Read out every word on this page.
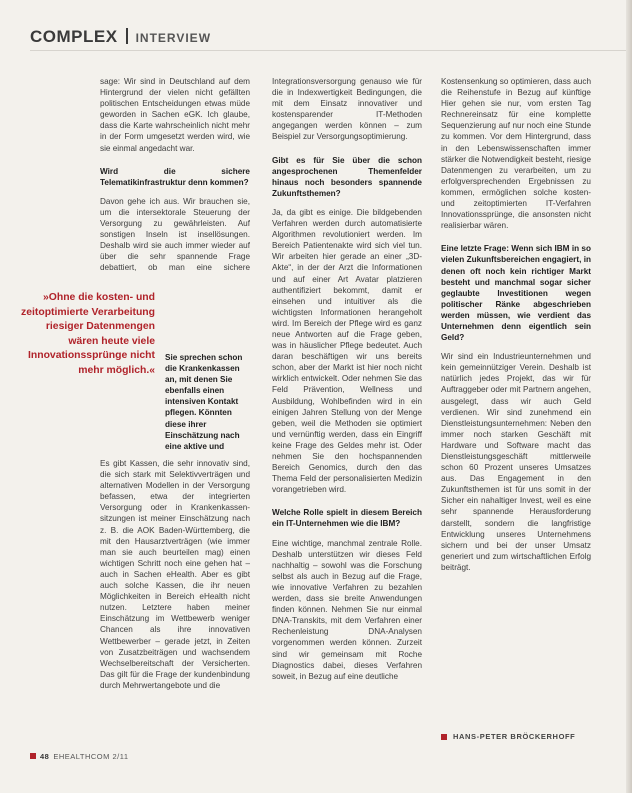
COMPLEX INTERVIEW

sage: Wir sind in Deutschland auf dem Hintergrund der vielen nicht gefällten politischen Entscheidungen etwas müde geworden in Sachen eGK. Ich glaube, dass die Karte wahrscheinlich nicht mehr in der Form umgesetzt werden wird, wie sie einmal angedacht war.

Wird die sichere Telematikinfrastruktur denn kommen?

Davon gehe ich aus. Wir brauchen sie, um die intersektorale Steuerung der Versorgung zu gewährleisten. Auf sonstigen Inseln ist insellösungen. Deshalb wird sie auch immer wieder auf über die sehr spannende Frage debattiert, ob man eine sichere

»Ohne die kosten- und zeitoptimierte Verarbeitung riesiger Datenmengen wären heute viele Innovationssprünge nicht mehr möglich.«
Sie sprechen schon die Krankenkassen an, mit denen Sie ebenfalls einen intensiven Kontakt pflegen. Könnten diese ihrer Einschätzung nach eine aktive und

Es gibt Kassen, die sehr innovativ sind, die sich stark mit Selektivverträgen und alternativen Modellen in der Versorgung befassen, etwa der integrierten Versorgung oder in Krankenkassensitzungen ist meiner Einschätzung nach z. B. die AOK Baden-Württemberg, die mit den Hausarztverträgen (wie immer man sie auch beurteilen mag) einen wichtigen Schritt noch eine gehen hat – auch in Sachen eHealth. Aber es gibt auch solche Kassen, die ihr neuen Möglichkeiten in Bereich eHealth nicht nutzen. Letztere haben meiner Einschätzung im Wettbewerb weniger Chancen als ihre innovativen Wettbewerber – gerade jetzt, in Zeiten von Zusatzbeiträgen und wachsendem Wechselbereitschaft der Versicherten. Das gilt für die Frage der kundenbindung durch Mehrwertangebote und die

Integrationsversorgung genauso wie für die in Indexwertigkeit Bedingungen, die mit dem Einsatz innovativer und kostensparender IT-Methoden angegangen werden können – zum Beispiel zur Versorgungsoptimierung.

Gibt es für Sie über die schon angesprochenen Themenfelder hinaus noch besonders spannende Zukunftsthemen?

Ja, da gibt es einige. Die bildgebenden Verfahren werden durch automatisierte Algorithmen revolutioniert werden. Im Bereich Patientenakte wird sich viel tun. Wir arbeiten hier gerade an einer „3D-Akte“, in der der Arzt die Informationen und auf einer Art Avatar platzieren authentifiziert bekommt, damit er einsehen und intuitiver als die wichtigsten Informationen herangeholt wird. Im Bereich der Pflege wird es ganz neue Antworten auf die Frage geben, was in häuslicher Pflege bedeutet. Auch daran beschäftigen wir uns bereits schon, aber der Markt ist hier noch nicht wirklich entwickelt. Oder nehmen Sie das Feld Prävention, Wellness und Ausbildung, Wohlbefinden wird in ein einigen Jahren Stellung von der Menge geben, weil die Methoden sie optimiert und vernünftig werden, dass ein Eingriff keine Frage des Geldes mehr ist. Oder nehmen Sie den hochspannenden Bereich Genomics, durch den das Thema Feld der personalisierten Medizin vorangetrieben wird.

Welche Rolle spielt in diesem Bereich ein IT-Unternehmen wie die IBM?

Eine wichtige, manchmal zentrale Rolle. Deshalb unterstützen wir dieses Feld nachhaltig – sowohl was die Forschung selbst als auch in Bezug auf die Frage, wie innovative Verfahren zu bezahlen werden, dass sie breite Anwendungen finden können. Nehmen Sie nur einmal DNA-Transkits, mit dem Verfahren einer Rechenleistung DNA-Analysen vorgenommen werden können. Zurzeit sind wir gemeinsam mit Roche Diagnostics dabei, dieses Verfahren soweit, in Bezug auf eine deutliche

Kostensenkung so optimieren, dass auch die Reihenstufe in Bezug auf künftige Hier gehen sie nur, vom ersten Tag Rechnereinsatz für eine komplette Sequenzierung auf nur noch eine Stunde zu kommen. Vor dem Hintergrund, dass in den Lebenswissenschaften immer stärker die Notwendigkeit besteht, riesige Datenmengen zu verarbeiten, um zu erfolgversprechenden Ergebnissen zu kommen, ermöglichen solche kosten- und zeitoptimierten IT-Verfahren Innovationssprünge, die ansonsten nicht realisierbar wären.

Eine letzte Frage: Wenn sich IBM in so vielen Zukunftsbereichen engagiert, in denen oft noch kein richtiger Markt besteht und manchmal sogar sicher geglaubte Investitionen wegen politischer Ränke abgeschrieben werden müssen, wie verdient das Unternehmen denn eigentlich sein Geld?

Wir sind ein Industrieunternehmen und kein gemeinnütziger Verein. Deshalb ist natürlich jedes Projekt, das wir für Auftraggeber oder mit Partnern angehen, ausgelegt, dass wir auch Geld verdienen. Wir sind zunehmend ein Dienstleistungsunternehmen: Neben den immer noch starken Geschäft mit Hardware und Software macht das Dienstleistungsgeschäft mittlerweile schon 60 Prozent unseres Umsatzes aus. Das Engagement in den Zukunftsthemen ist für uns somit in der Sicher ein nahaltiger Invest, weil es eine sehr spannende Herausforderung darstellt, sondern die langfristige Entwicklung unseres Unternehmens sichern und bei der unser Umsatz generiert und zum wirtschaftlichen Erfolg beiträgt.

HANS-PETER BRÖCKERHOFF
48 EHEALTHCOM 2/11
